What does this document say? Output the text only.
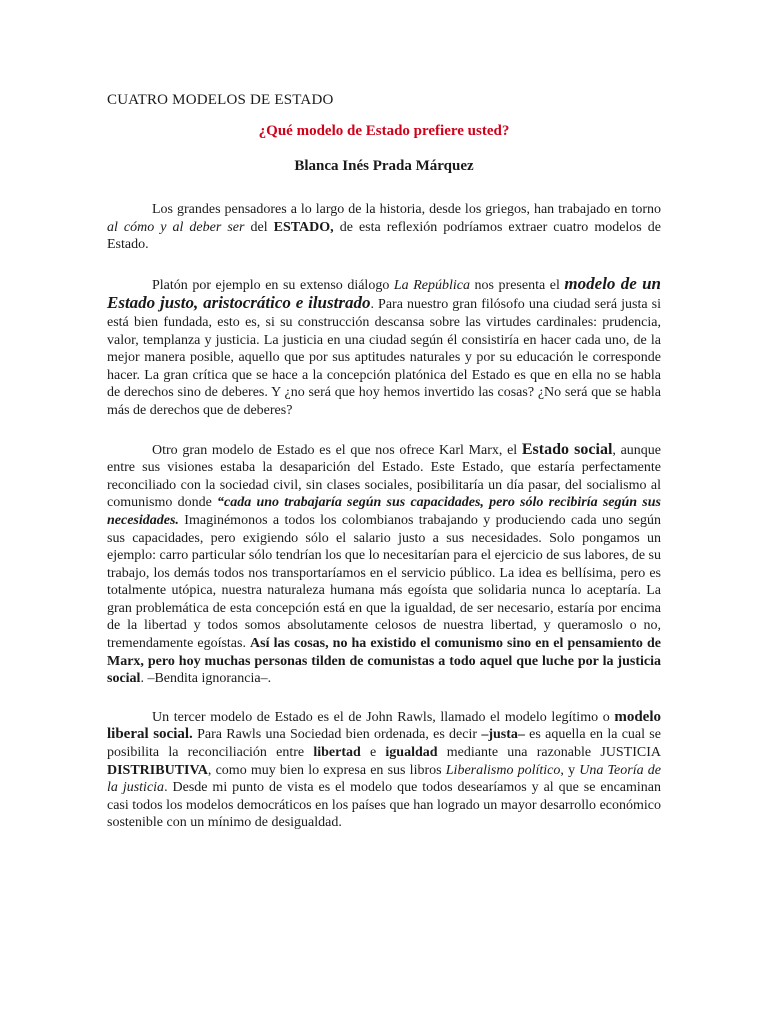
CUATRO MODELOS DE ESTADO
¿Qué modelo de Estado prefiere usted?
Blanca Inés Prada Márquez

Los grandes pensadores a lo largo de la historia, desde los griegos, han trabajado en torno al cómo y al deber ser del ESTADO, de esta reflexión podríamos extraer cuatro modelos de Estado.

Platón por ejemplo en su extenso diálogo La República nos presenta el modelo de un Estado justo, aristocrático e ilustrado. Para nuestro gran filósofo una ciudad será justa si está bien fundada, esto es, si su construcción descansa sobre las virtudes cardinales: prudencia, valor, templanza y justicia. La justicia en una ciudad según él consistiría en hacer cada uno, de la mejor manera posible, aquello que por sus aptitudes naturales y por su educación le corresponde hacer. La gran crítica que se hace a la concepción platónica del Estado es que en ella no se habla de derechos sino de deberes. Y ¿no será que hoy hemos invertido las cosas? ¿No será que se habla más de derechos que de deberes?

Otro gran modelo de Estado es el que nos ofrece Karl Marx, el Estado social, aunque entre sus visiones estaba la desaparición del Estado. Este Estado, que estaría perfectamente reconciliado con la sociedad civil, sin clases sociales, posibilitaría un día pasar, del socialismo al comunismo donde “cada uno trabajaría según sus capacidades, pero sólo recibiría según sus necesidades. Imaginémonos a todos los colombianos trabajando y produciendo cada uno según sus capacidades, pero exigiendo sólo el salario justo a sus necesidades. Solo pongamos un ejemplo: carro particular sólo tendrían los que lo necesitarían para el ejercicio de sus labores, de su trabajo, los demás todos nos transportaríamos en el servicio público. La idea es bellísima, pero es totalmente utópica, nuestra naturaleza humana más egoísta que solidaria nunca lo aceptaría. La gran problemática de esta concepción está en que la igualdad, de ser necesario, estaría por encima de la libertad y todos somos absolutamente celosos de nuestra libertad, y queramoslo o no, tremendamente egoístas. Así las cosas, no ha existido el comunismo sino en el pensamiento de Marx, pero hoy muchas personas tilden de comunistas a todo aquel que luche por la justicia social. –Bendita ignorancia–.

Un tercer modelo de Estado es el de John Rawls, llamado el modelo legítimo o modelo liberal social. Para Rawls una Sociedad bien ordenada, es decir –justa– es aquella en la cual se posibilita la reconciliación entre libertad e igualdad mediante una razonable JUSTICIA DISTRIBUTIVA, como muy bien lo expresa en sus libros Liberalismo político, y Una Teoría de la justicia. Desde mi punto de vista es el modelo que todos desearíamos y al que se encaminan casi todos los modelos democráticos en los países que han logrado un mayor desarrollo económico sostenible con un mínimo de desigualdad.
